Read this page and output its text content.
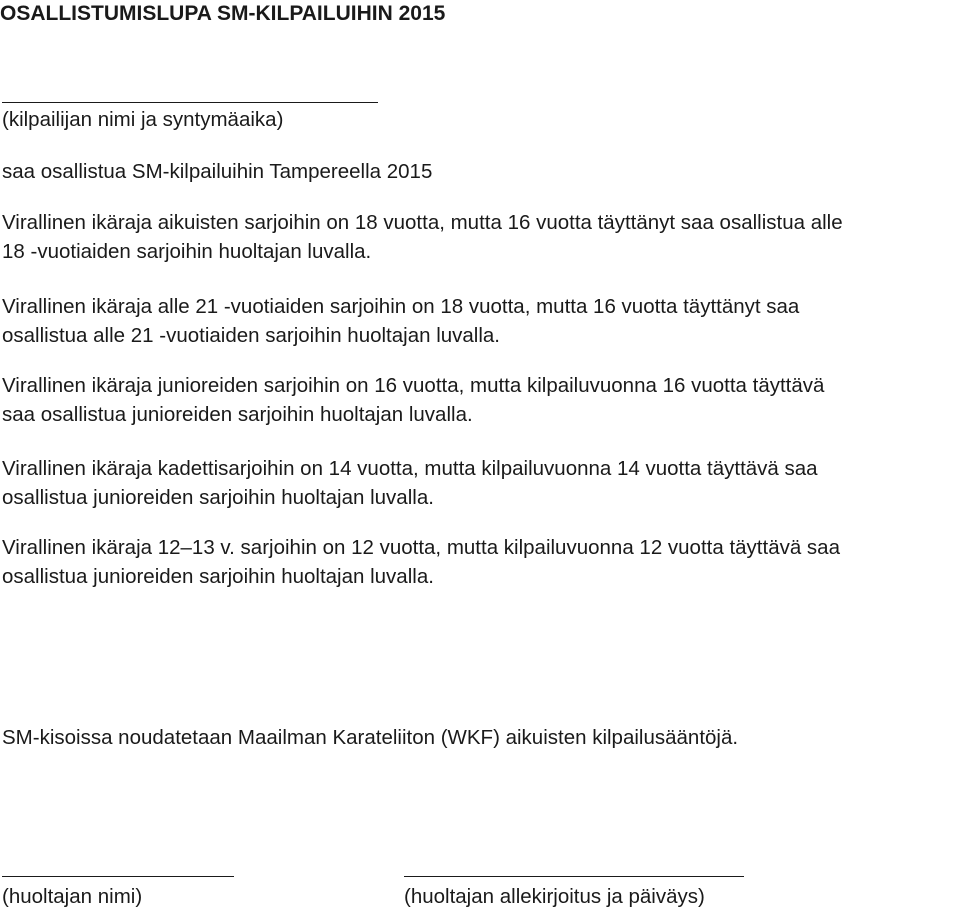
OSALLISTUMISLUPA SM-KILPAILUIHIN 2015

(kilpailijan nimi ja syntymäaika)

saa osallistua SM-kilpailuihin Tampereella 2015

Virallinen ikäraja aikuisten sarjoihin on 18 vuotta, mutta 16 vuotta täyttänyt saa osallistua alle
18 -vuotiaiden sarjoihin huoltajan luvalla.
Virallinen ikäraja alle 21 -vuotiaiden sarjoihin on 18 vuotta, mutta 16 vuotta täyttänyt saa
osallistua alle 21 -vuotiaiden sarjoihin huoltajan luvalla.
Virallinen ikäraja junioreiden sarjoihin on 16 vuotta, mutta kilpailuvuonna 16 vuotta täyttävä
saa osallistua junioreiden sarjoihin huoltajan luvalla.
Virallinen ikäraja kadettisarjoihin on 14 vuotta, mutta kilpailuvuonna 14 vuotta täyttävä saa
osallistua junioreiden sarjoihin huoltajan luvalla.
Virallinen ikäraja 12–13 v. sarjoihin on 12 vuotta, mutta kilpailuvuonna 12 vuotta täyttävä saa
osallistua junioreiden sarjoihin huoltajan luvalla.

SM-kisoissa noudatetaan Maailman Karateliiton (WKF) aikuisten kilpailusääntöjä.

(huoltajan nimi)	(huoltajan allekirjoitus ja päiväys)
